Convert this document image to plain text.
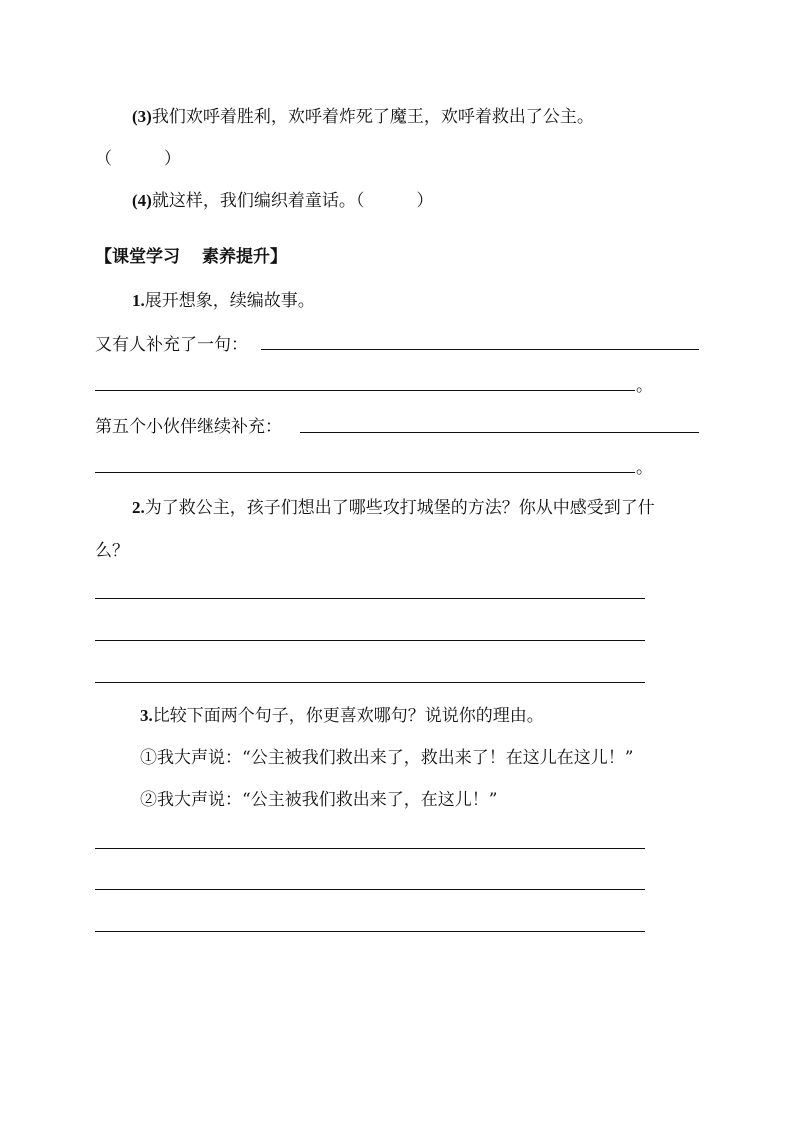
(3)我们欢呼着胜利，欢呼着炸死了魔王，欢呼着救出了公主。
（	）
(4)就这样，我们编织着童话。（	）
【课堂学习 素养提升】
1.展开想象，续编故事。
又有人补充了一句：
。
第五个小伙伴继续补充：
。
2.为了救公主，孩子们想出了哪些攻打城堡的方法？你从中感受到了什
么？
3.比较下面两个句子，你更喜欢哪句？说说你的理由。
①我大声说：“公主被我们救出来了，救出来了！在这儿在这儿！”
②我大声说：“公主被我们救出来了，在这儿！”
